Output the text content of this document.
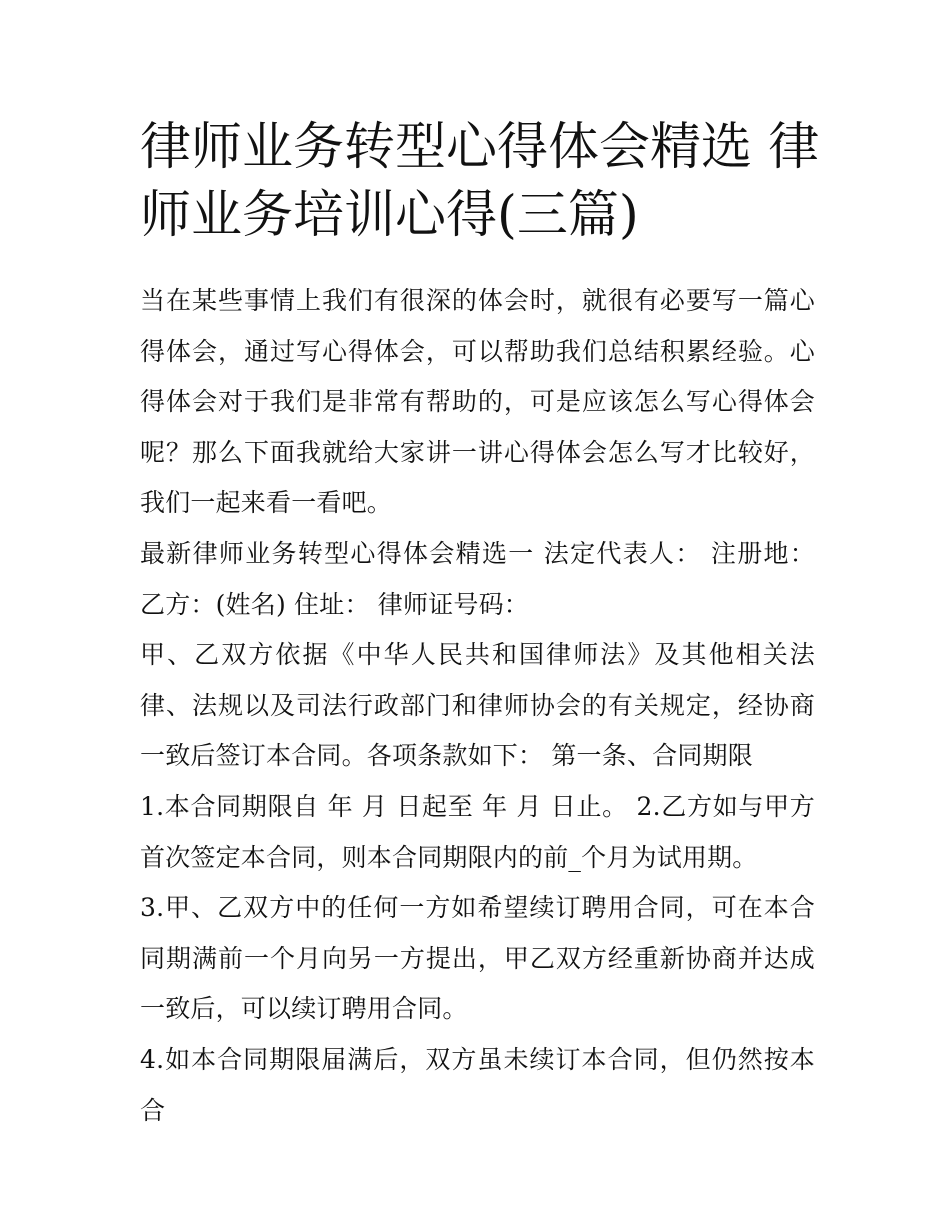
律师业务转型心得体会精选 律师业务培训心得(三篇)

当在某些事情上我们有很深的体会时，就很有必要写一篇心得体会，通过写心得体会，可以帮助我们总结积累经验。心得体会对于我们是非常有帮助的，可是应该怎么写心得体会呢？那么下面我就给大家讲一讲心得体会怎么写才比较好，我们一起来看一看吧。

最新律师业务转型心得体会精选一 法定代表人： 注册地： 乙方：(姓名) 住址： 律师证号码：

甲、乙双方依据《中华人民共和国律师法》及其他相关法律、法规以及司法行政部门和律师协会的有关规定，经协商一致后签订本合同。各项条款如下： 第一条、合同期限

1.本合同期限自 年 月 日起至 年 月 日止。 2.乙方如与甲方首次签定本合同，则本合同期限内的前_个月为试用期。

3.甲、乙双方中的任何一方如希望续订聘用合同，可在本合同期满前一个月向另一方提出，甲乙双方经重新协商并达成一致后，可以续订聘用合同。

4.如本合同期限届满后，双方虽未续订本合同，但仍然按本合
